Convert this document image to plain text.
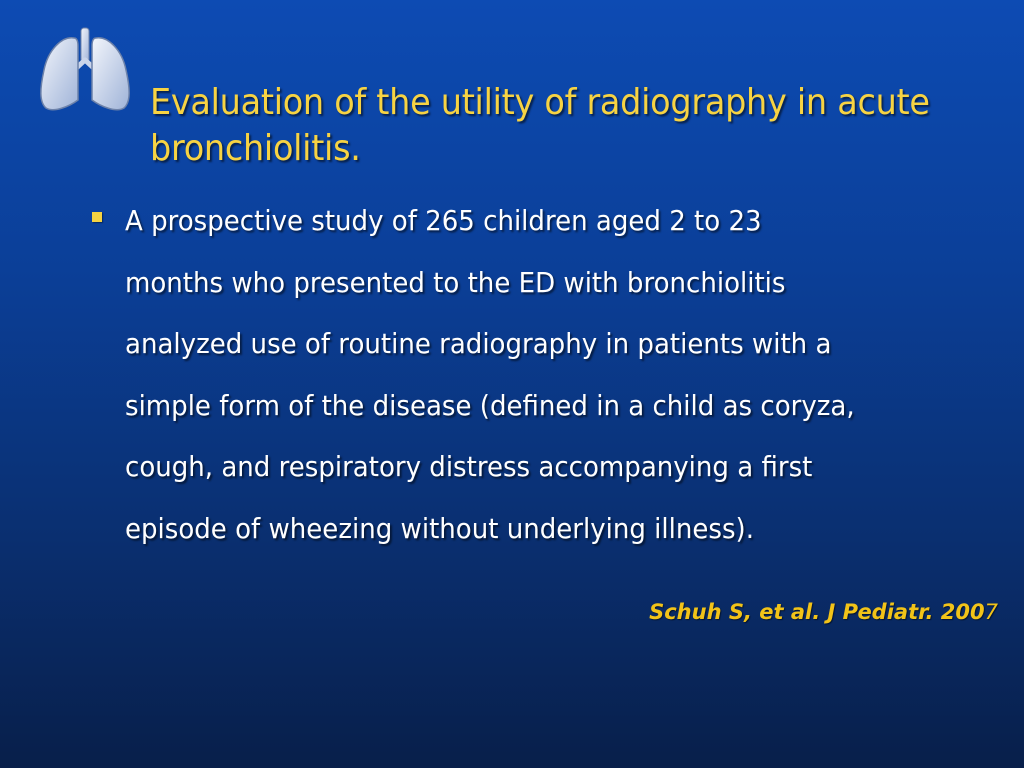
Evaluation of the utility of radiography in acute
bronchiolitis.
A prospective study of 265 children aged 2 to 23
months who presented to the ED with bronchiolitis
analyzed use of routine radiography in patients with a
simple form of the disease (defined in a child as coryza,
cough, and respiratory distress accompanying a first
episode of wheezing without underlying illness).
Schuh S, et al. J Pediatr. 2007
